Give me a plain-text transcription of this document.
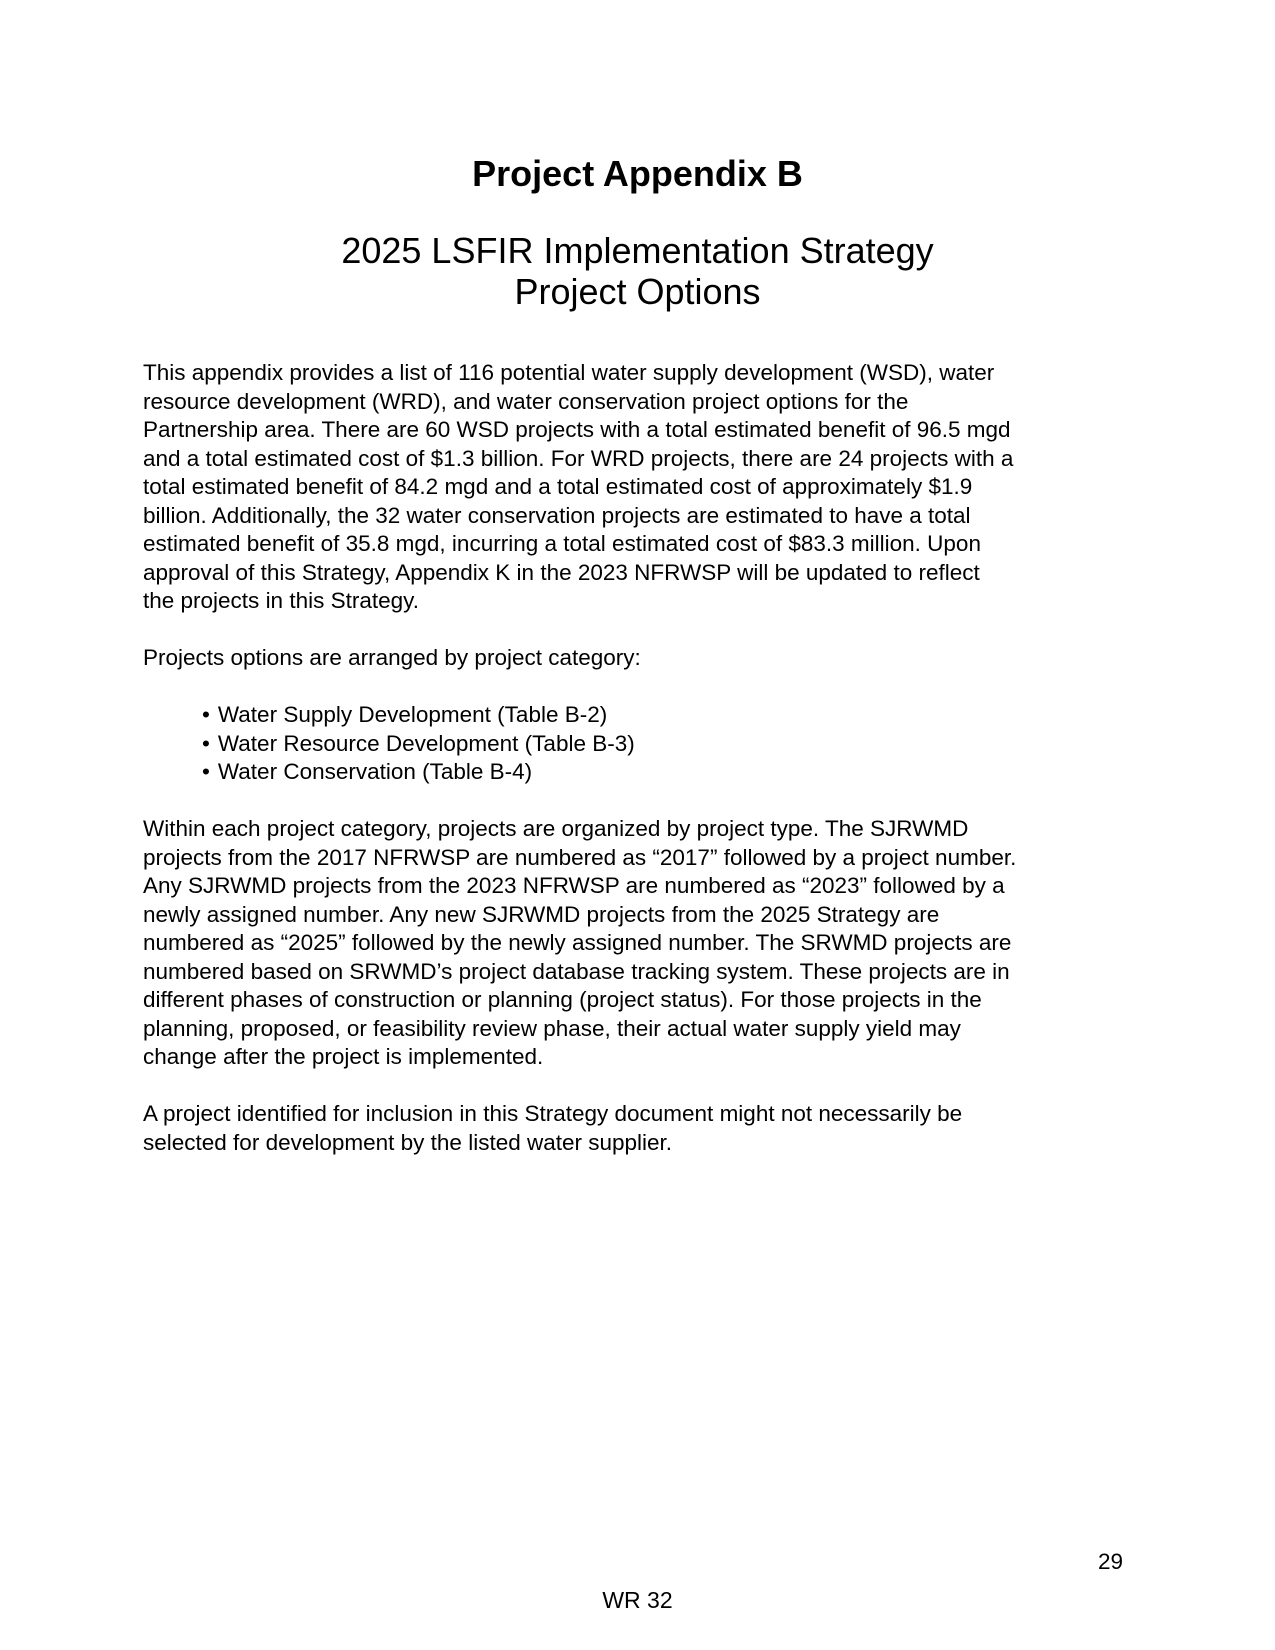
Project Appendix B
2025 LSFIR Implementation Strategy
Project Options
This appendix provides a list of 116 potential water supply development (WSD), water
resource development (WRD), and water conservation project options for the
Partnership area. There are 60 WSD projects with a total estimated benefit of 96.5 mgd
and a total estimated cost of $1.3 billion. For WRD projects, there are 24 projects with a
total estimated benefit of 84.2 mgd and a total estimated cost of approximately $1.9
billion. Additionally, the 32 water conservation projects are estimated to have a total
estimated benefit of 35.8 mgd, incurring a total estimated cost of $83.3 million. Upon
approval of this Strategy, Appendix K in the 2023 NFRWSP will be updated to reflect
the projects in this Strategy.
Projects options are arranged by project category:
• Water Supply Development (Table B-2)
• Water Resource Development (Table B-3)
• Water Conservation (Table B-4)
Within each project category, projects are organized by project type. The SJRWMD
projects from the 2017 NFRWSP are numbered as “2017” followed by a project number.
Any SJRWMD projects from the 2023 NFRWSP are numbered as “2023” followed by a
newly assigned number. Any new SJRWMD projects from the 2025 Strategy are
numbered as “2025” followed by the newly assigned number. The SRWMD projects are
numbered based on SRWMD’s project database tracking system. These projects are in
different phases of construction or planning (project status). For those projects in the
planning, proposed, or feasibility review phase, their actual water supply yield may
change after the project is implemented.
A project identified for inclusion in this Strategy document might not necessarily be
selected for development by the listed water supplier.
29
WR 32
